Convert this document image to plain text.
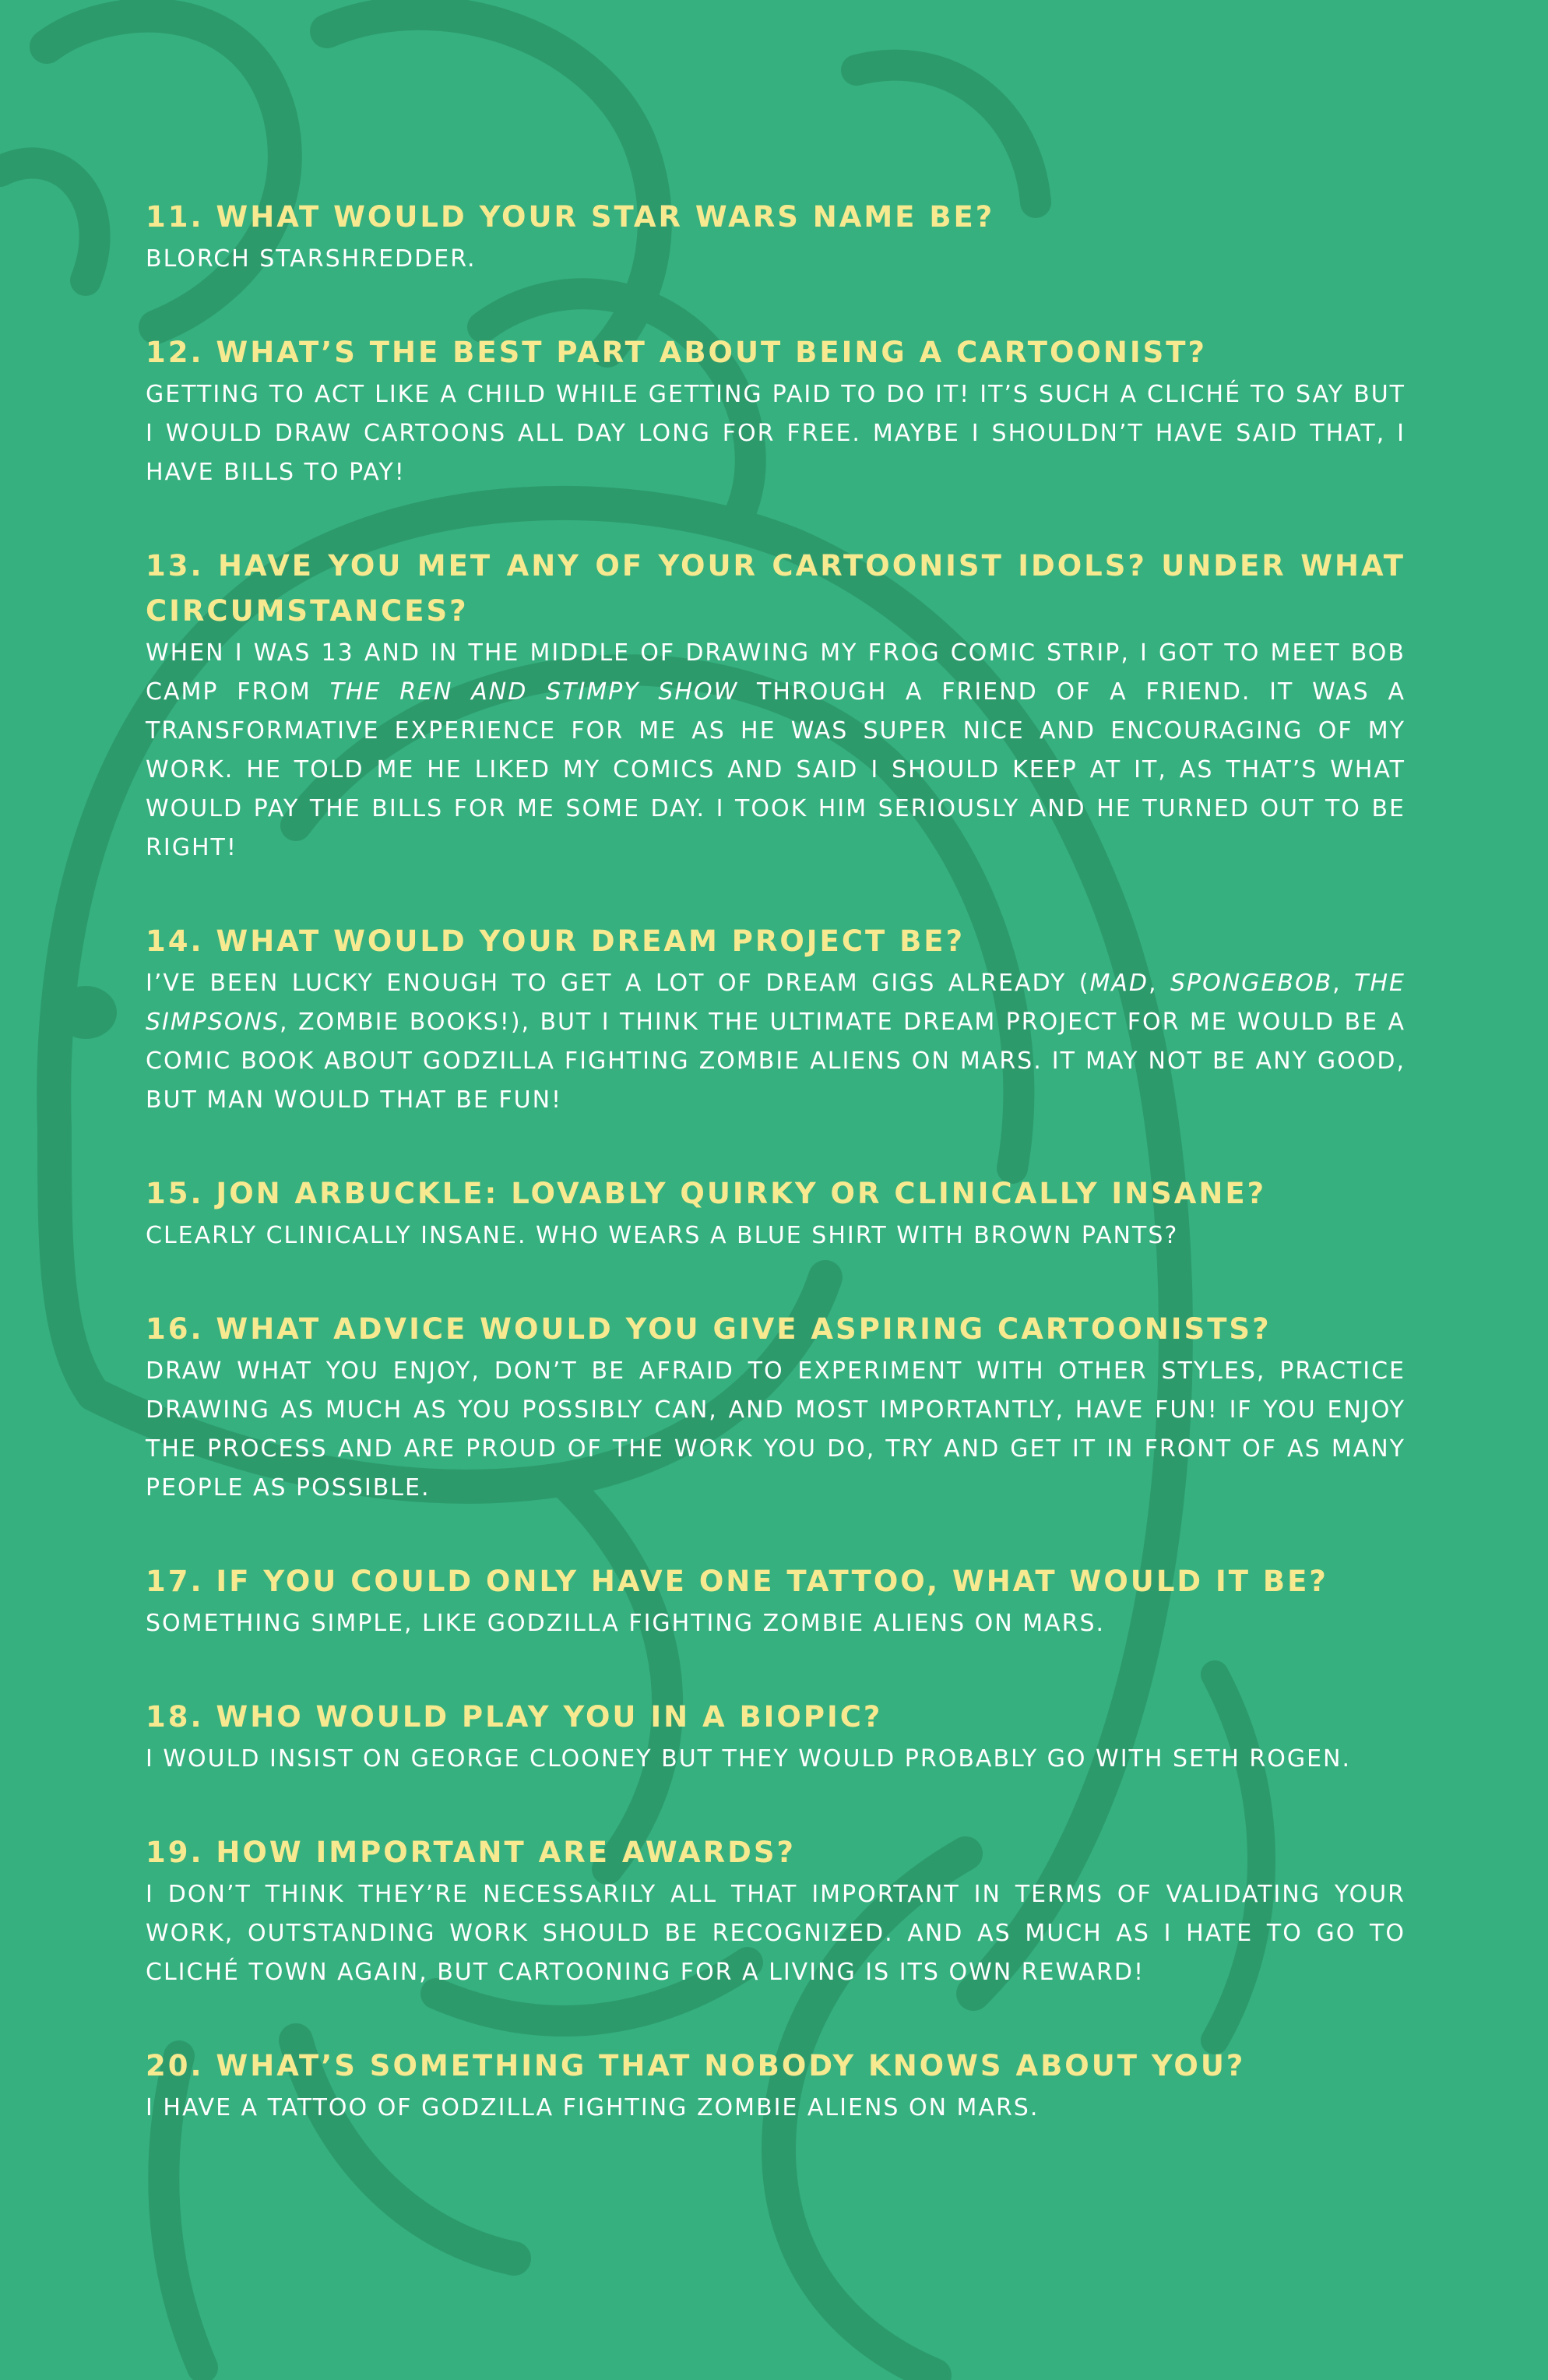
11. WHAT WOULD YOUR STAR WARS NAME BE?

BLORCH STARSHREDDER.

12. WHAT’S THE BEST PART ABOUT BEING A CARTOONIST?

GETTING TO ACT LIKE A CHILD WHILE GETTING PAID TO DO IT! IT’S SUCH A CLICHÉ TO SAY BUT I WOULD DRAW CARTOONS ALL DAY LONG FOR FREE. MAYBE I SHOULDN’T HAVE SAID THAT, I HAVE BILLS TO PAY!

13. HAVE YOU MET ANY OF YOUR CARTOONIST IDOLS? UNDER WHAT CIRCUMSTANCES?

WHEN I WAS 13 AND IN THE MIDDLE OF DRAWING MY FROG COMIC STRIP, I GOT TO MEET BOB CAMP FROM THE REN AND STIMPY SHOW THROUGH A FRIEND OF A FRIEND. IT WAS A TRANSFORMATIVE EXPERIENCE FOR ME AS HE WAS SUPER NICE AND ENCOURAGING OF MY WORK. HE TOLD ME HE LIKED MY COMICS AND SAID I SHOULD KEEP AT IT, AS THAT’S WHAT WOULD PAY THE BILLS FOR ME SOME DAY. I TOOK HIM SERIOUSLY AND HE TURNED OUT TO BE RIGHT!

14. WHAT WOULD YOUR DREAM PROJECT BE?

I’VE BEEN LUCKY ENOUGH TO GET A LOT OF DREAM GIGS ALREADY (MAD, SPONGEBOB, THE SIMPSONS, ZOMBIE BOOKS!), BUT I THINK THE ULTIMATE DREAM PROJECT FOR ME WOULD BE A COMIC BOOK ABOUT GODZILLA FIGHTING ZOMBIE ALIENS ON MARS. IT MAY NOT BE ANY GOOD, BUT MAN WOULD THAT BE FUN!

15. JON ARBUCKLE: LOVABLY QUIRKY OR CLINICALLY INSANE?

CLEARLY CLINICALLY INSANE. WHO WEARS A BLUE SHIRT WITH BROWN PANTS?

16. WHAT ADVICE WOULD YOU GIVE ASPIRING CARTOONISTS?

DRAW WHAT YOU ENJOY, DON’T BE AFRAID TO EXPERIMENT WITH OTHER STYLES, PRACTICE DRAWING AS MUCH AS YOU POSSIBLY CAN, AND MOST IMPORTANTLY, HAVE FUN! IF YOU ENJOY THE PROCESS AND ARE PROUD OF THE WORK YOU DO, TRY AND GET IT IN FRONT OF AS MANY PEOPLE AS POSSIBLE.

17. IF YOU COULD ONLY HAVE ONE TATTOO, WHAT WOULD IT BE?

SOMETHING SIMPLE, LIKE GODZILLA FIGHTING ZOMBIE ALIENS ON MARS.

18. WHO WOULD PLAY YOU IN A BIOPIC?

I WOULD INSIST ON GEORGE CLOONEY BUT THEY WOULD PROBABLY GO WITH SETH ROGEN.

19. HOW IMPORTANT ARE AWARDS?

I DON’T THINK THEY’RE NECESSARILY ALL THAT IMPORTANT IN TERMS OF VALIDATING YOUR WORK, OUTSTANDING WORK SHOULD BE RECOGNIZED. AND AS MUCH AS I HATE TO GO TO CLICHÉ TOWN AGAIN, BUT CARTOONING FOR A LIVING IS ITS OWN REWARD!

20. WHAT’S SOMETHING THAT NOBODY KNOWS ABOUT YOU?

I HAVE A TATTOO OF GODZILLA FIGHTING ZOMBIE ALIENS ON MARS.
